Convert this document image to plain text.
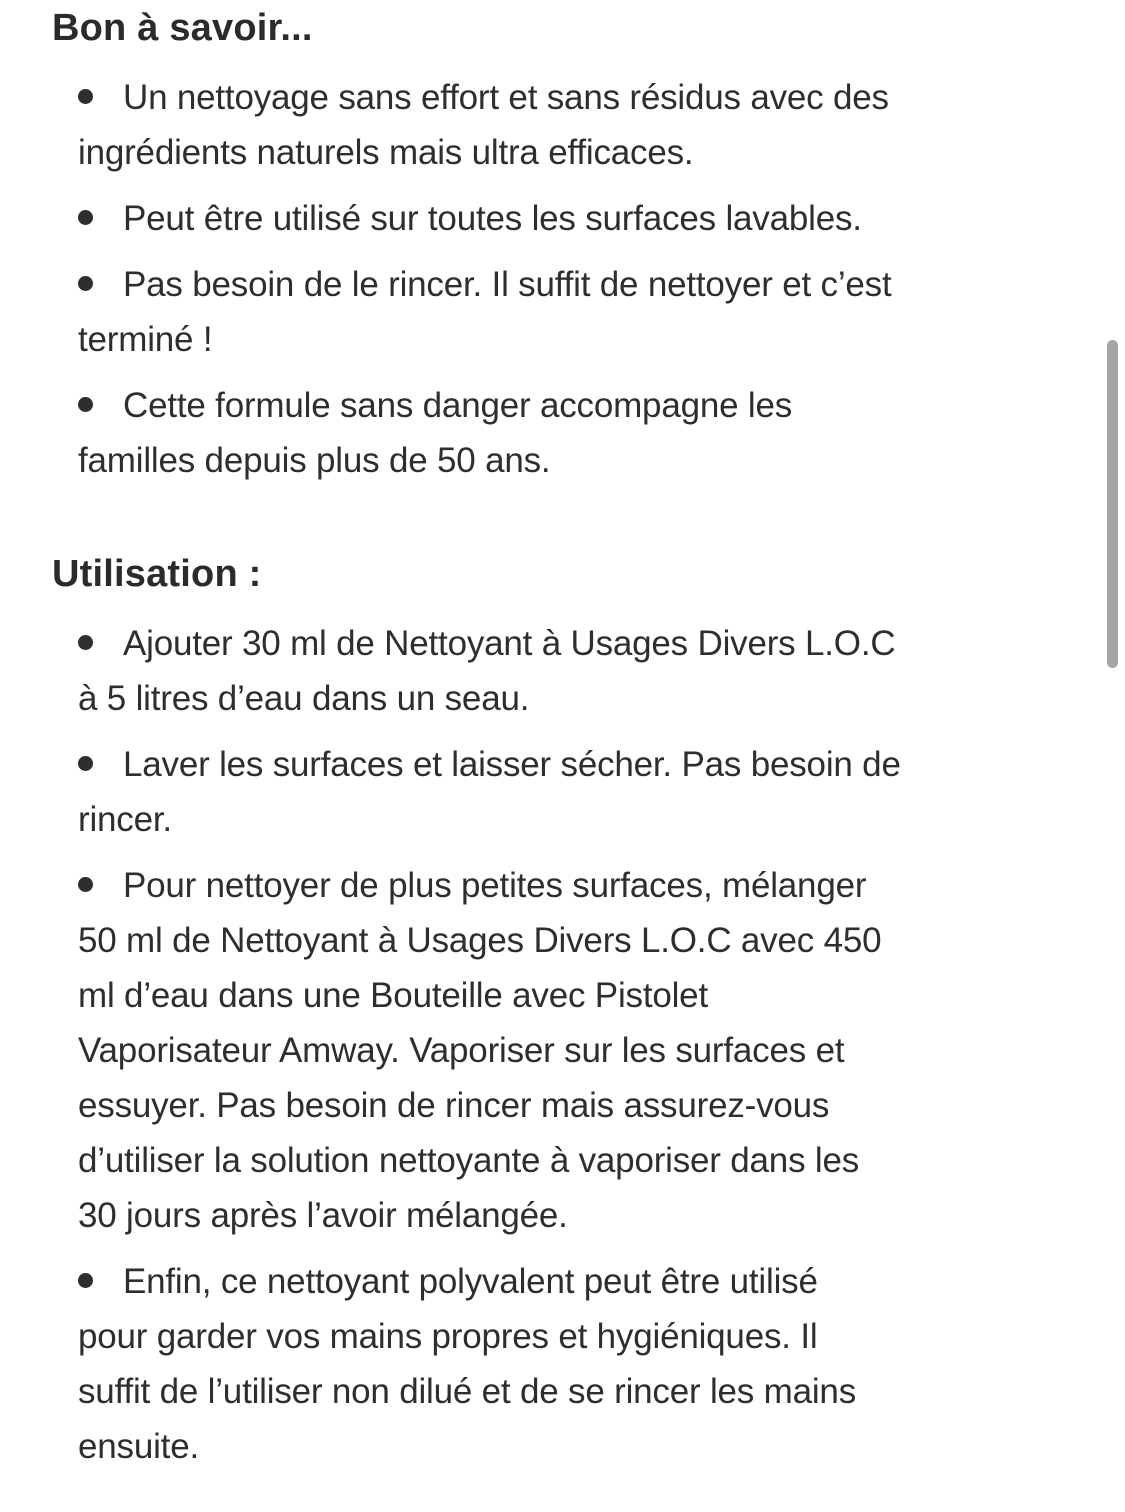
Bon à savoir...

Un nettoyage sans effort et sans résidus avec des
ingrédients naturels mais ultra efficaces.

Peut être utilisé sur toutes les surfaces lavables.

Pas besoin de le rincer. Il suffit de nettoyer et c’est
terminé !

Cette formule sans danger accompagne les
familles depuis plus de 50 ans.

Utilisation :

Ajouter 30 ml de Nettoyant à Usages Divers L.O.C
à 5 litres d’eau dans un seau.

Laver les surfaces et laisser sécher. Pas besoin de
rincer.

Pour nettoyer de plus petites surfaces, mélanger
50 ml de Nettoyant à Usages Divers L.O.C avec 450
ml d’eau dans une Bouteille avec Pistolet
Vaporisateur Amway. Vaporiser sur les surfaces et
essuyer. Pas besoin de rincer mais assurez-vous
d’utiliser la solution nettoyante à vaporiser dans les
30 jours après l’avoir mélangée.

Enfin, ce nettoyant polyvalent peut être utilisé
pour garder vos mains propres et hygiéniques. Il
suffit de l’utiliser non dilué et de se rincer les mains
ensuite.
